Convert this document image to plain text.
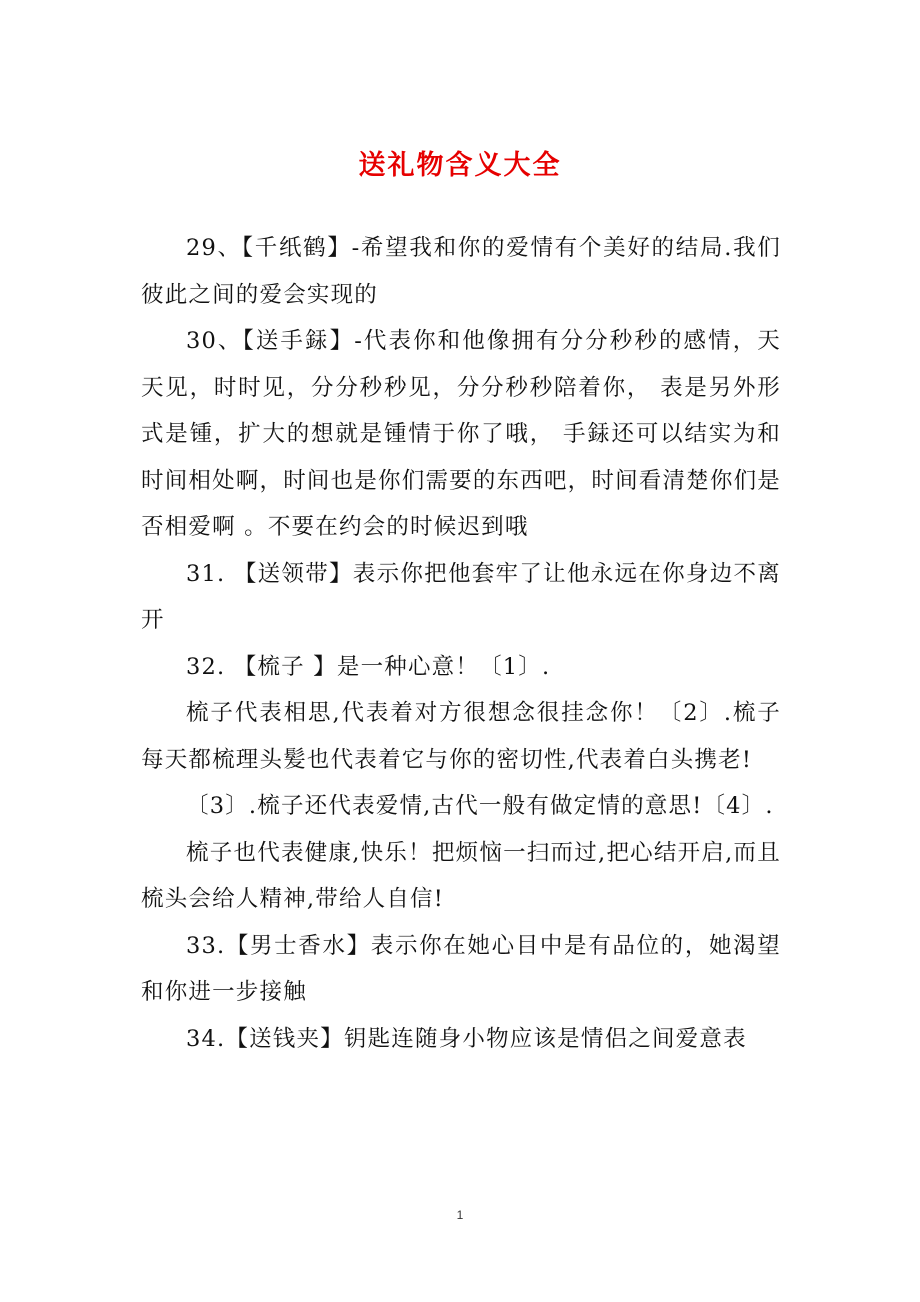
送礼物含义大全

29、【千纸鹤】-希望我和你的爱情有个美好的结局.我们彼此之间的爱会实现的

30、【送手銾】-代表你和他像拥有分分秒秒的感情，天天见，时时见，分分秒秒见，分分秒秒陪着你， 表是另外形式是锺，扩大的想就是锺情于你了哦， 手銾还可以结实为和时间相处啊，时间也是你们需要的东西吧，时间看清楚你们是否相爱啊 。不要在约会的时候迟到哦

31. 【送领带】表示你把他套牢了让他永远在你身边不离开

32. 【梳子 】是一种心意！〔1〕.

梳子代表相思,代表着对方很想念很挂念你！〔2〕.梳子每天都梳理头髪也代表着它与你的密切性,代表着白头携老!

〔3〕.梳子还代表爱情,古代一般有做定情的意思!〔4〕.

梳子也代表健康,快乐！把烦恼一扫而过,把心结开启,而且梳头会给人精神,带给人自信!

33.【男士香水】表示你在她心目中是有品位的，她渴望和你进一步接触

34.【送钱夹】钥匙连随身小物应该是情侣之间爱意表

1
